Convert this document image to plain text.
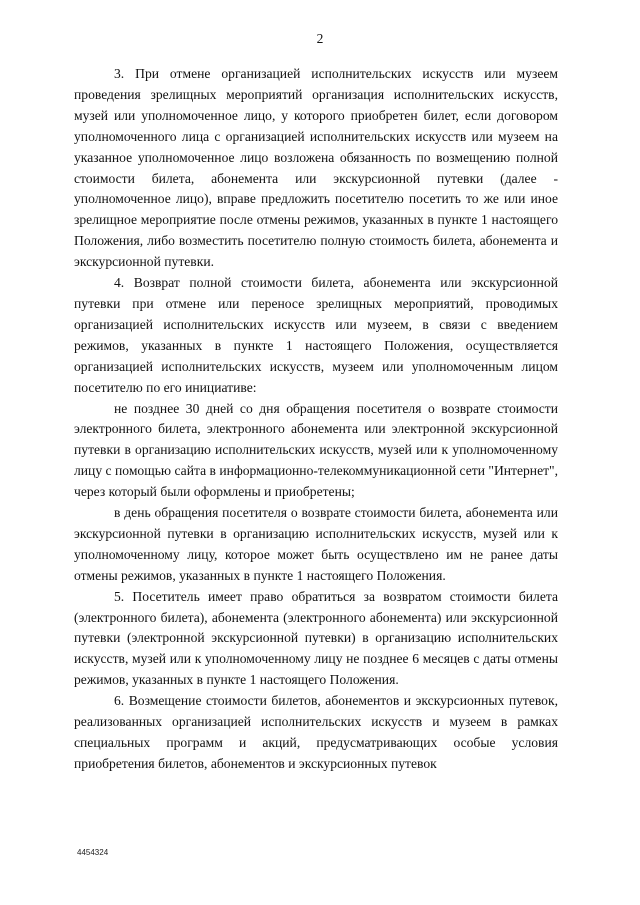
2

3. При отмене организацией исполнительских искусств или музеем проведения зрелищных мероприятий организация исполнительских искусств, музей или уполномоченное лицо, у которого приобретен билет, если договором уполномоченного лица с организацией исполнительских искусств или музеем на указанное уполномоченное лицо возложена обязанность по возмещению полной стоимости билета, абонемента или экскурсионной путевки (далее - уполномоченное лицо), вправе предложить посетителю посетить то же или иное зрелищное мероприятие после отмены режимов, указанных в пункте 1 настоящего Положения, либо возместить посетителю полную стоимость билета, абонемента и экскурсионной путевки.

4. Возврат полной стоимости билета, абонемента или экскурсионной путевки при отмене или переносе зрелищных мероприятий, проводимых организацией исполнительских искусств или музеем, в связи с введением режимов, указанных в пункте 1 настоящего Положения, осуществляется организацией исполнительских искусств, музеем или уполномоченным лицом посетителю по его инициативе:

не позднее 30 дней со дня обращения посетителя о возврате стоимости электронного билета, электронного абонемента или электронной экскурсионной путевки в организацию исполнительских искусств, музей или к уполномоченному лицу с помощью сайта в информационно-телекоммуникационной сети "Интернет", через который были оформлены и приобретены;

в день обращения посетителя о возврате стоимости билета, абонемента или экскурсионной путевки в организацию исполнительских искусств, музей или к уполномоченному лицу, которое может быть осуществлено им не ранее даты отмены режимов, указанных в пункте 1 настоящего Положения.

5. Посетитель имеет право обратиться за возвратом стоимости билета (электронного билета), абонемента (электронного абонемента) или экскурсионной путевки (электронной экскурсионной путевки) в организацию исполнительских искусств, музей или к уполномоченному лицу не позднее 6 месяцев с даты отмены режимов, указанных в пункте 1 настоящего Положения.

6. Возмещение стоимости билетов, абонементов и экскурсионных путевок, реализованных организацией исполнительских искусств и музеем в рамках специальных программ и акций, предусматривающих особые условия приобретения билетов, абонементов и экскурсионных путевок

4454324
